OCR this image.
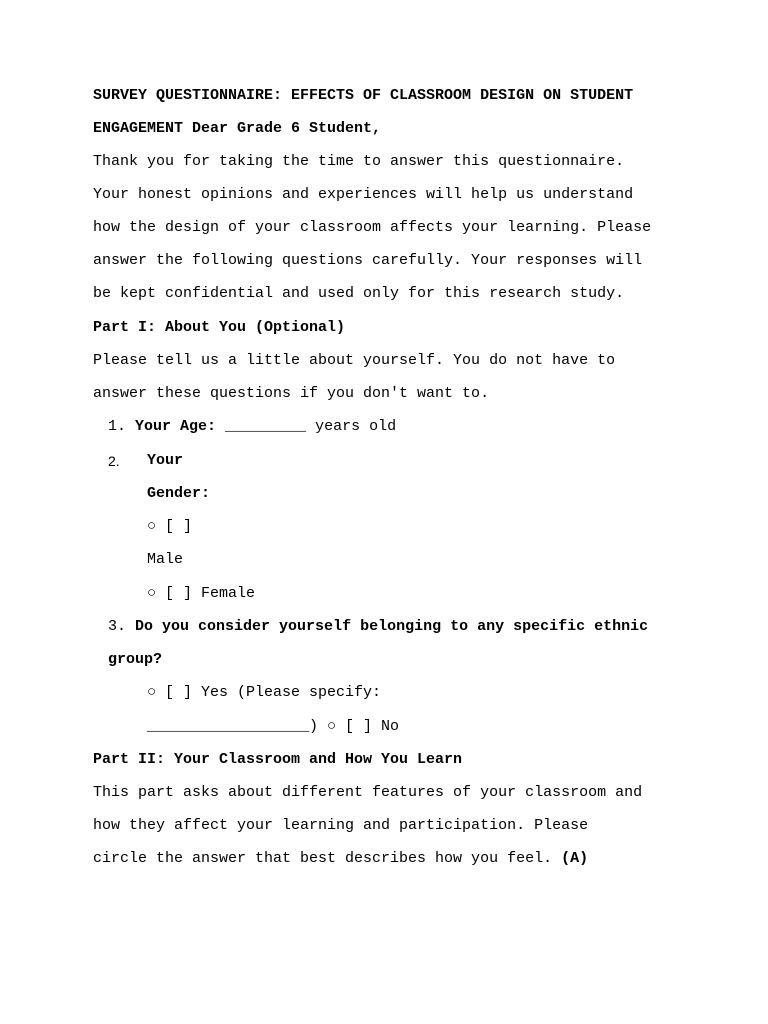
SURVEY QUESTIONNAIRE: EFFECTS OF CLASSROOM DESIGN ON STUDENT
ENGAGEMENT Dear Grade 6 Student,
Thank you for taking the time to answer this questionnaire.
Your honest opinions and experiences will help us understand
how the design of your classroom affects your learning. Please
answer the following questions carefully. Your responses will
be kept confidential and used only for this research study.
Part I: About You (Optional)
Please tell us a little about yourself. You do not have to
answer these questions if you don't want to.
1. Your Age: _________ years old
2. Your
Gender:
○ [ ]
Male
○ [ ] Female
3. Do you consider yourself belonging to any specific ethnic
group?
○ [ ] Yes (Please specify:
__________________) ○ [ ] No
Part II: Your Classroom and How You Learn
This part asks about different features of your classroom and
how they affect your learning and participation. Please
circle the answer that best describes how you feel. (A)
